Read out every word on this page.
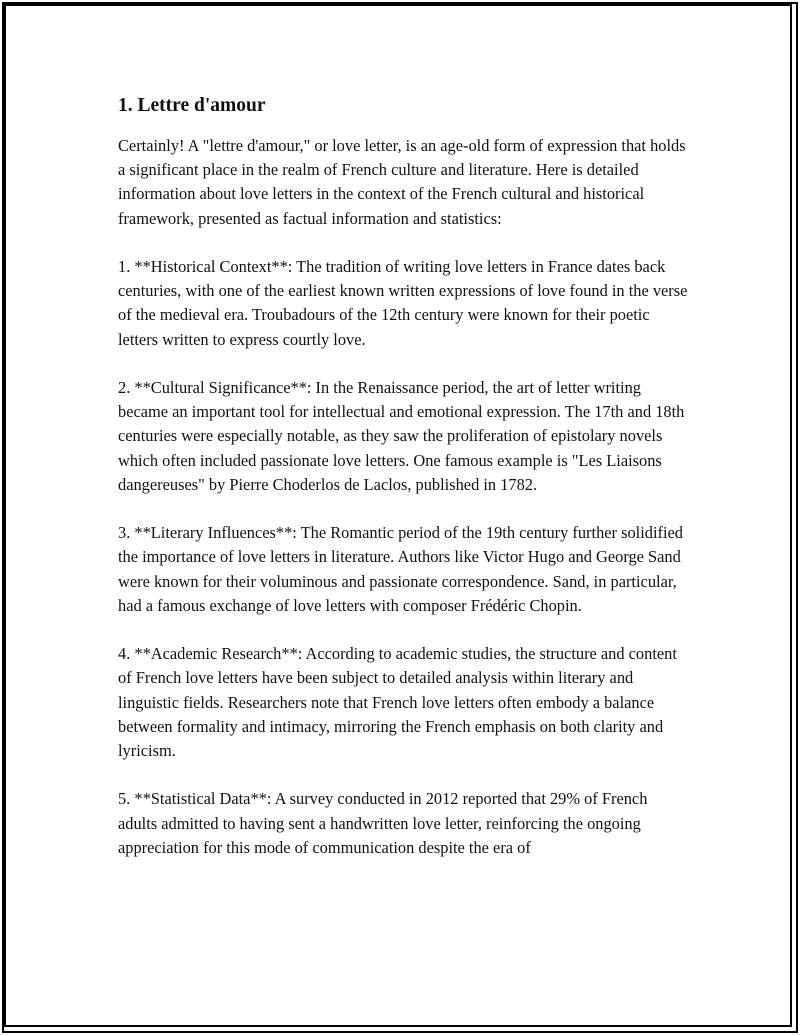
1. Lettre d'amour

Certainly! A "lettre d'amour," or love letter, is an age-old form of expression that holds a significant place in the realm of French culture and literature. Here is detailed information about love letters in the context of the French cultural and historical framework, presented as factual information and statistics:

1. **Historical Context**: The tradition of writing love letters in France dates back centuries, with one of the earliest known written expressions of love found in the verse of the medieval era. Troubadours of the 12th century were known for their poetic letters written to express courtly love.

2. **Cultural Significance**: In the Renaissance period, the art of letter writing became an important tool for intellectual and emotional expression. The 17th and 18th centuries were especially notable, as they saw the proliferation of epistolary novels which often included passionate love letters. One famous example is "Les Liaisons dangereuses" by Pierre Choderlos de Laclos, published in 1782.

3. **Literary Influences**: The Romantic period of the 19th century further solidified the importance of love letters in literature. Authors like Victor Hugo and George Sand were known for their voluminous and passionate correspondence. Sand, in particular, had a famous exchange of love letters with composer Frédéric Chopin.

4. **Academic Research**: According to academic studies, the structure and content of French love letters have been subject to detailed analysis within literary and linguistic fields. Researchers note that French love letters often embody a balance between formality and intimacy, mirroring the French emphasis on both clarity and lyricism.

5. **Statistical Data**: A survey conducted in 2012 reported that 29% of French adults admitted to having sent a handwritten love letter, reinforcing the ongoing appreciation for this mode of communication despite the era of
